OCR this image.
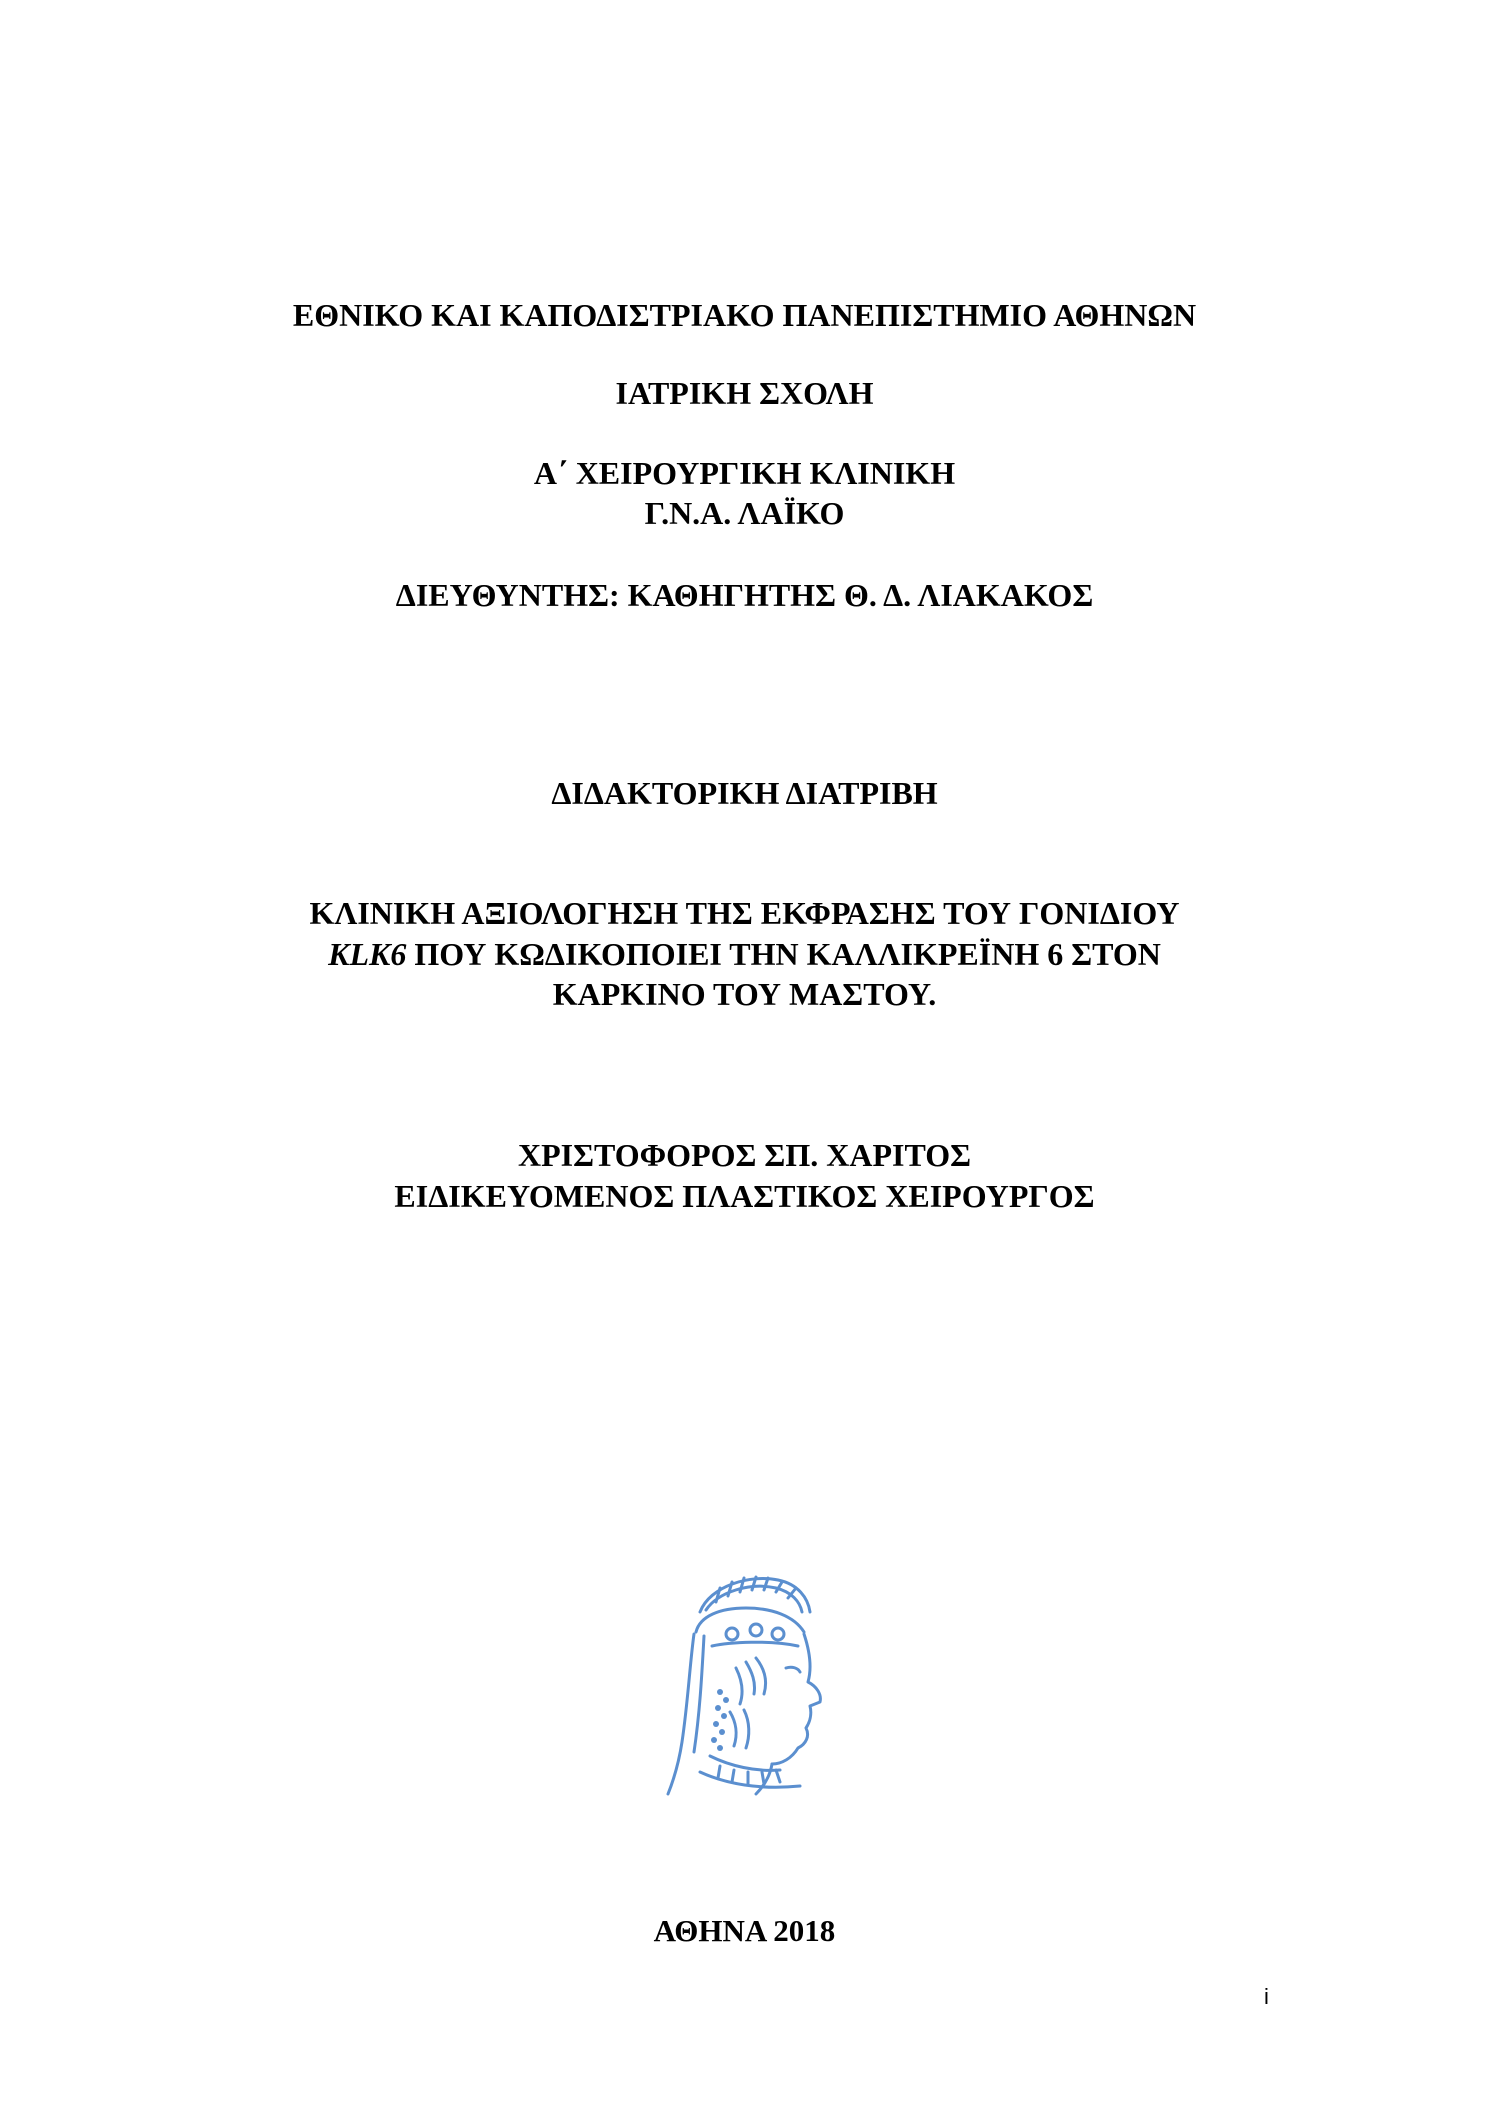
ΕΘΝΙΚΟ ΚΑΙ ΚΑΠΟΔΙΣΤΡΙΑΚΟ ΠΑΝΕΠΙΣΤΗΜΙΟ ΑΘΗΝΩΝ
ΙΑΤΡΙΚΗ ΣΧΟΛΗ
Α΄ ΧΕΙΡΟΥΡΓΙΚΗ ΚΛΙΝΙΚΗ
Γ.Ν.Α. ΛΑΪΚΟ
ΔΙΕΥΘΥΝΤΗΣ: ΚΑΘΗΓΗΤΗΣ Θ. Δ. ΛΙΑΚΑΚΟΣ
ΔΙΔΑΚΤΟΡΙΚΗ ΔΙΑΤΡΙΒΗ
ΚΛΙΝΙΚΗ ΑΞΙΟΛΟΓΗΣΗ ΤΗΣ ΕΚΦΡΑΣΗΣ ΤΟΥ ΓΟΝΙΔΙΟΥ
KLK6 ΠΟΥ ΚΩΔΙΚΟΠΟΙΕΙ ΤΗΝ ΚΑΛΛΙΚΡΕΪΝΗ 6 ΣΤΟΝ
ΚΑΡΚΙΝΟ ΤΟΥ ΜΑΣΤΟΥ.
ΧΡΙΣΤΟΦΟΡΟΣ ΣΠ. ΧΑΡΙΤΟΣ
ΕΙΔΙΚΕΥΟΜΕΝΟΣ ΠΛΑΣΤΙΚΟΣ ΧΕΙΡΟΥΡΓΟΣ
ΑΘΗΝΑ 2018
i
